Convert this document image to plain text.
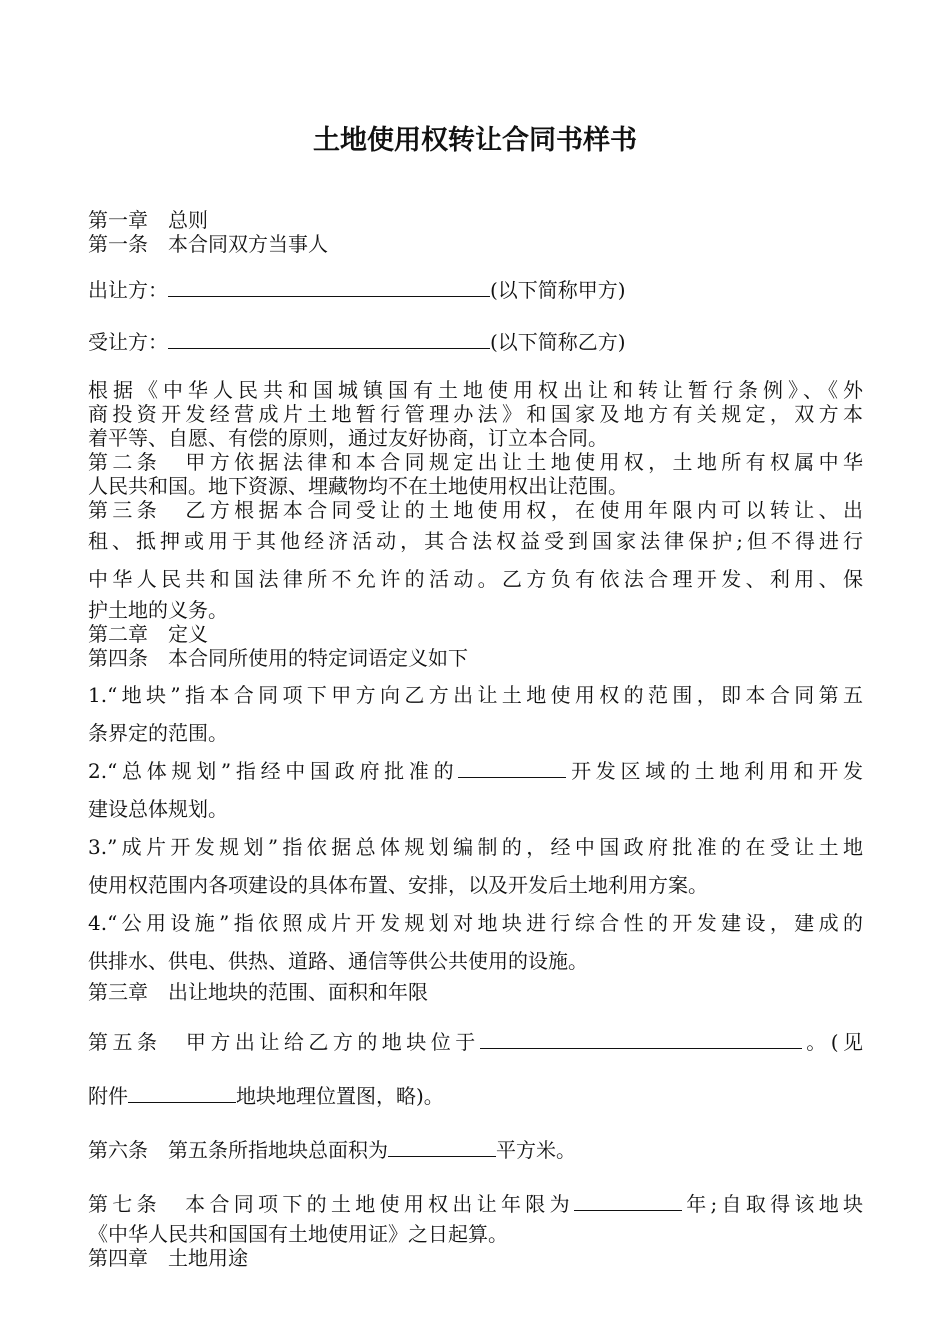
土地使用权转让合同书样书

第一章　总则

第一条　本合同双方当事人

出让方：	(以下简称甲方)

受让方：	(以下简称乙方)

根据《中华人民共和国城镇国有土地使用权出让和转让暂行条例》、《外

商投资开发经营成片土地暂行管理办法》和国家及地方有关规定，双方本

着平等、自愿、有偿的原则，通过友好协商，订立本合同。

第二条　甲方依据法律和本合同规定出让土地使用权，土地所有权属中华

人民共和国。地下资源、埋藏物均不在土地使用权出让范围。

第三条　乙方根据本合同受让的土地使用权，在使用年限内可以转让、出

租、抵押或用于其他经济活动，其合法权益受到国家法律保护;但不得进行

中华人民共和国法律所不允许的活动。乙方负有依法合理开发、利用、保

护土地的义务。

第二章　定义

第四条　本合同所使用的特定词语定义如下

1.“地块”指本合同项下甲方向乙方出让土地使用权的范围，即本合同第五

条界定的范围。

2.“总体规划”指经中国政府批准的	开发区域的土地利用和开发

建设总体规划。

3.”成片开发规划”指依据总体规划编制的，经中国政府批准的在受让土地

使用权范围内各项建设的具体布置、安排，以及开发后土地利用方案。

4.“公用设施”指依照成片开发规划对地块进行综合性的开发建设，建成的

供排水、供电、供热、道路、通信等供公共使用的设施。

第三章　出让地块的范围、面积和年限

第五条　甲方出让给乙方的地块位于	。(见

附件	地块地理位置图，略)。

第六条　第五条所指地块总面积为	平方米。

第七条　本合同项下的土地使用权出让年限为	年;自取得该地块

《中华人民共和国国有土地使用证》之日起算。

第四章　土地用途
